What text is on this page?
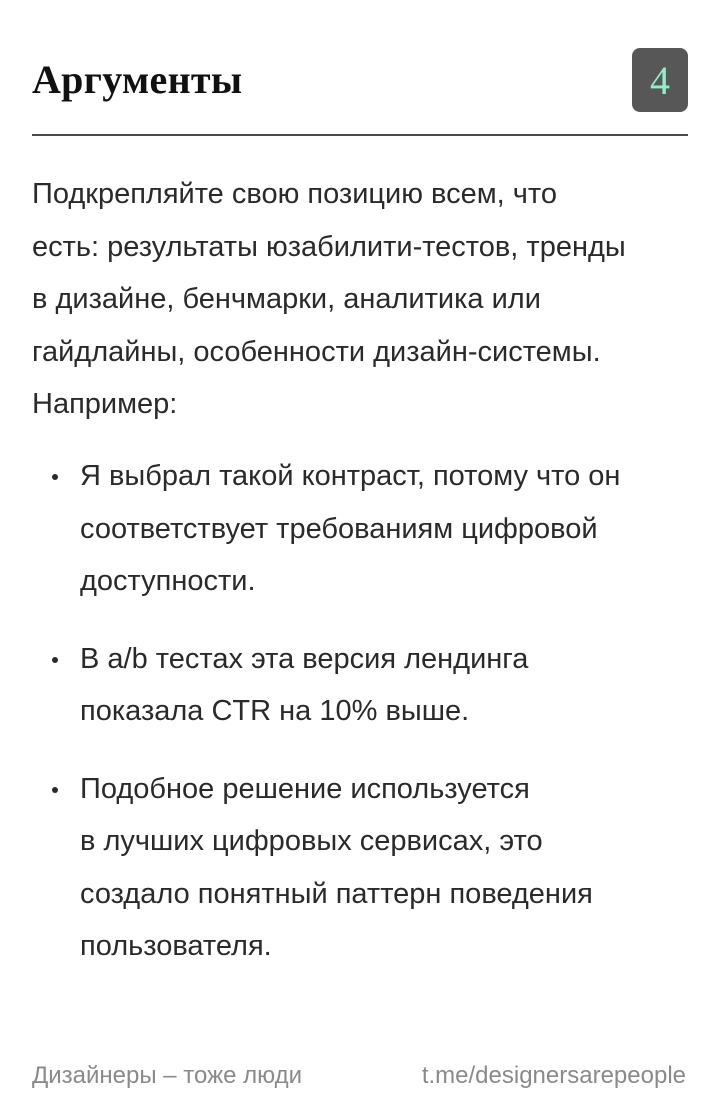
Аргументы	4

Подкрепляйте свою позицию всем, что
есть: результаты юзабилити-тестов, тренды
в дизайне, бенчмарки, аналитика или
гайдлайны, особенности дизайн-системы.
Например:

Я выбрал такой контраст, потому что он
соответствует требованиям цифровой
доступности.
В a/b тестах эта версия лендинга
показала CTR на 10% выше.
Подобное решение используется
в лучших цифровых сервисах, это
создало понятный паттерн поведения
пользователя.
Дизайнеры – тоже люди	t.me/designersarepeople
